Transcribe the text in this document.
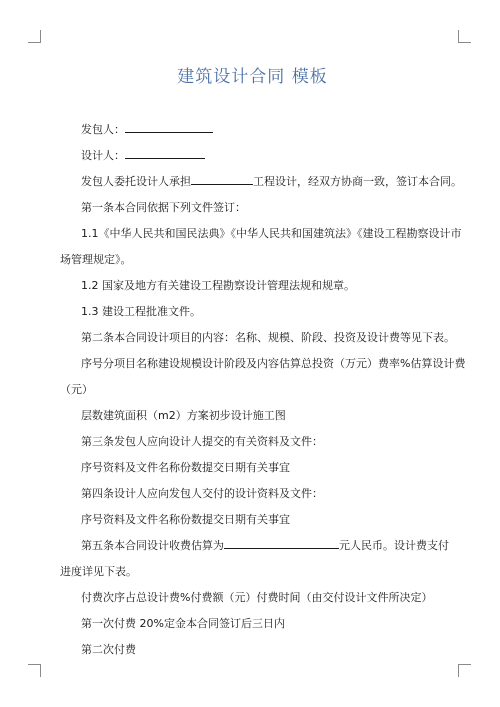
建筑设计合同 模板

发包人：

设计人：

发包人委托设计人承担	工程设计，经双方协商一致，签订本合同。

第一条本合同依据下列文件签订：

1.1《中华人民共和国民法典》《中华人民共和国建筑法》《建设工程勘察设计市

场管理规定》。

1.2 国家及地方有关建设工程勘察设计管理法规和规章。

1.3 建设工程批准文件。

第二条本合同设计项目的内容：名称、规模、阶段、投资及设计费等见下表。

序号分项目名称建设规模设计阶段及内容估算总投资（万元）费率%估算设计费

（元）

层数建筑面积（m2）方案初步设计施工图

第三条发包人应向设计人提交的有关资料及文件：

序号资料及文件名称份数提交日期有关事宜

第四条设计人应向发包人交付的设计资料及文件：

序号资料及文件名称份数提交日期有关事宜

第五条本合同设计收费估算为	元人民币。设计费支付

进度详见下表。

付费次序占总设计费%付费额（元）付费时间（由交付设计文件所决定）

第一次付费 20%定金本合同签订后三日内

第二次付费
